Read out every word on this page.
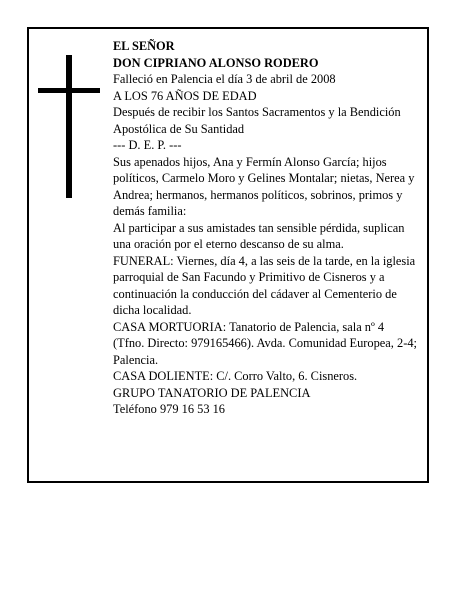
EL SEÑOR

DON CIPRIANO ALONSO RODERO

Falleció en Palencia el día 3 de abril de 2008

A LOS 76 AÑOS DE EDAD

Después de recibir los Santos Sacramentos y la Bendición Apostólica de Su Santidad

--- D. E. P. ---

Sus apenados hijos, Ana y Fermín Alonso García; hijos políticos, Carmelo Moro y Gelines Montalar; nietas, Nerea y Andrea; hermanos, hermanos políticos, sobrinos, primos y demás familia:

Al participar a sus amistades tan sensible pérdida, suplican una oración por el eterno descanso de su alma.

FUNERAL: Viernes, día 4, a las seis de la tarde, en la iglesia parroquial de San Facundo y Primitivo de Cisneros y a continuación la conducción del cádaver al Cementerio de dicha localidad.

CASA MORTUORIA: Tanatorio de Palencia, sala nº 4 (Tfno. Directo: 979165466). Avda. Comunidad Europea, 2-4; Palencia.

CASA DOLIENTE: C/. Corro Valto, 6. Cisneros.

GRUPO TANATORIO DE PALENCIA

Teléfono 979 16 53 16
